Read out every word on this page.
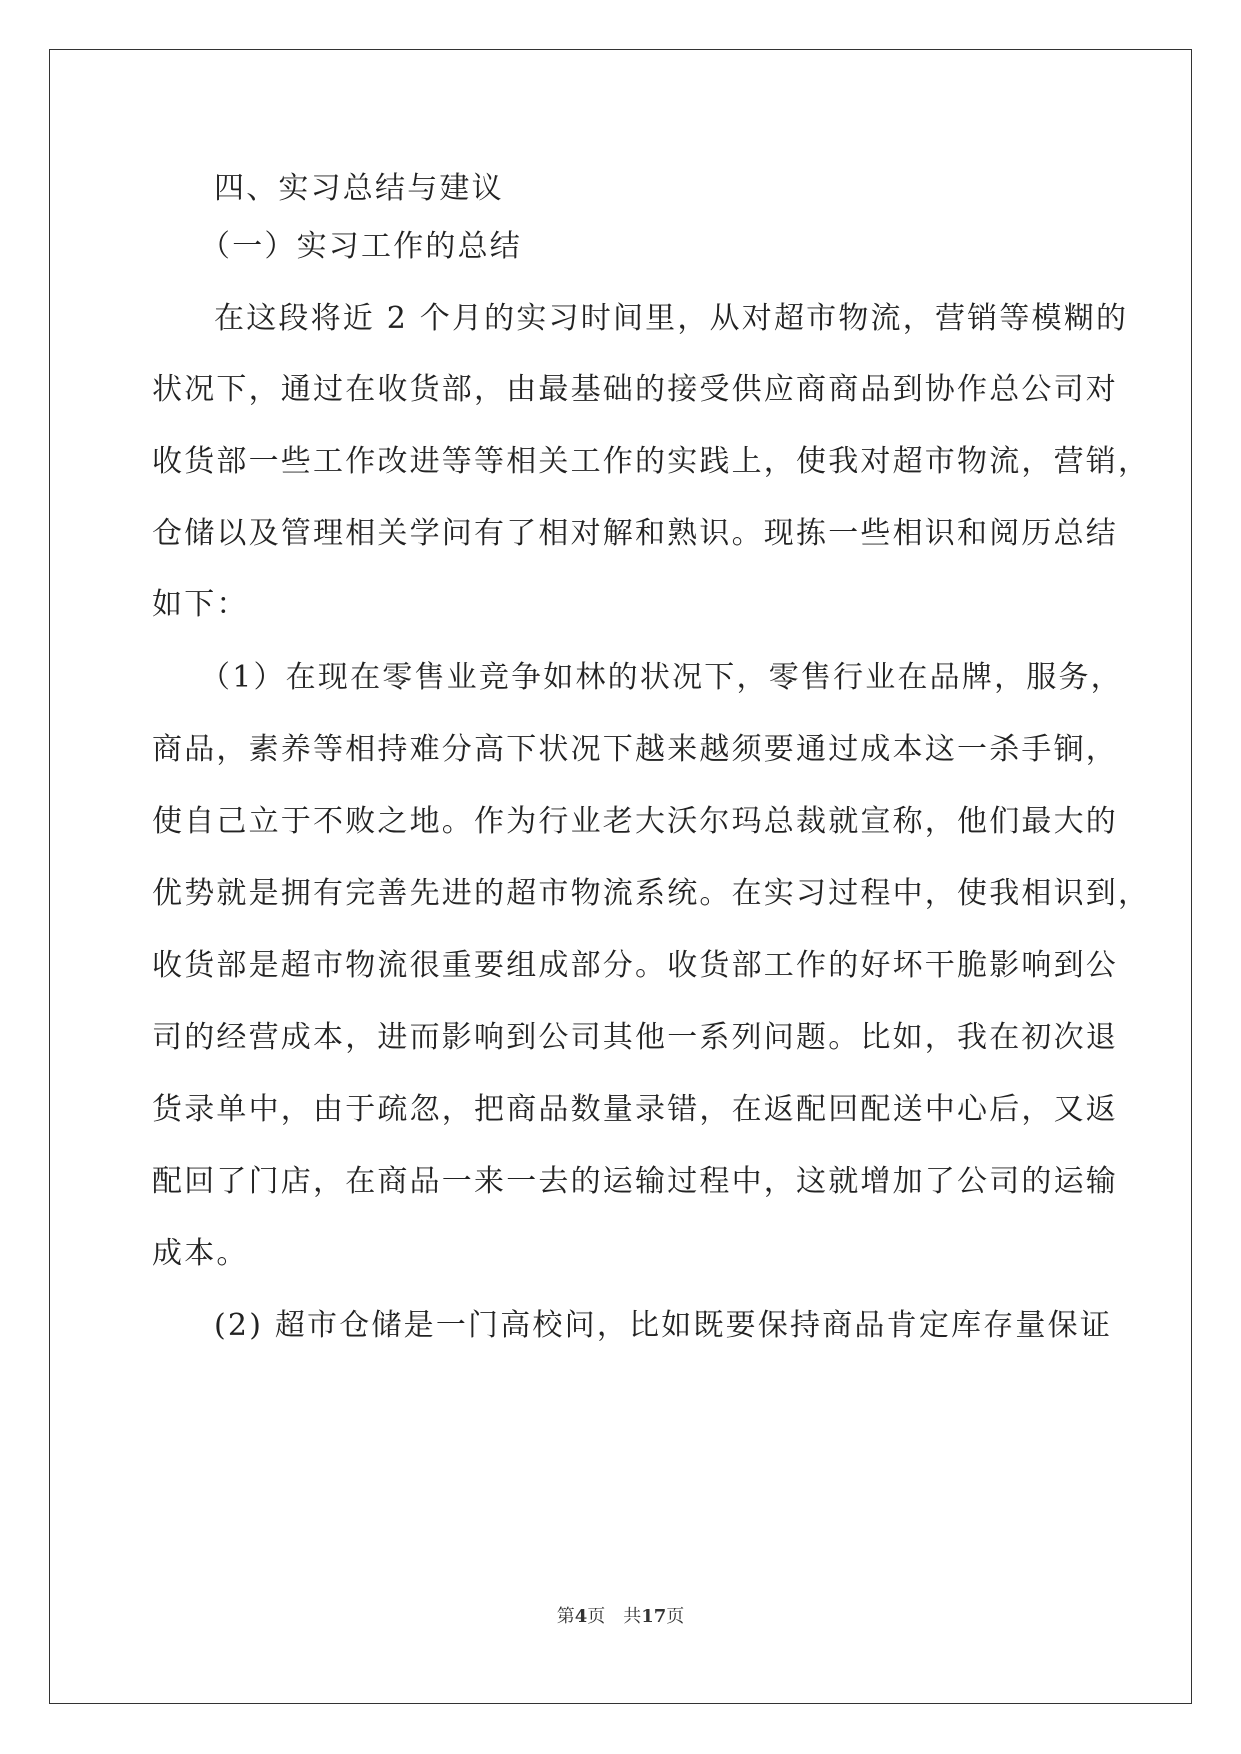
四、实习总结与建议
（一）实习工作的总结
在这段将近 2 个月的实习时间里，从对超市物流，营销等模糊的
状况下，通过在收货部，由最基础的接受供应商商品到协作总公司对
收货部一些工作改进等等相关工作的实践上，使我对超市物流，营销，
仓储以及管理相关学问有了相对解和熟识。现拣一些相识和阅历总结
如下：
（1）在现在零售业竞争如林的状况下，零售行业在品牌，服务，
商品，素养等相持难分高下状况下越来越须要通过成本这一杀手锏，
使自己立于不败之地。作为行业老大沃尔玛总裁就宣称，他们最大的
优势就是拥有完善先进的超市物流系统。在实习过程中，使我相识到，
收货部是超市物流很重要组成部分。收货部工作的好坏干脆影响到公
司的经营成本，进而影响到公司其他一系列问题。比如，我在初次退
货录单中，由于疏忽，把商品数量录错，在返配回配送中心后，又返
配回了门店，在商品一来一去的运输过程中，这就增加了公司的运输
成本。
(2) 超市仓储是一门高校问，比如既要保持商品肯定库存量保证
第4页 共17页
